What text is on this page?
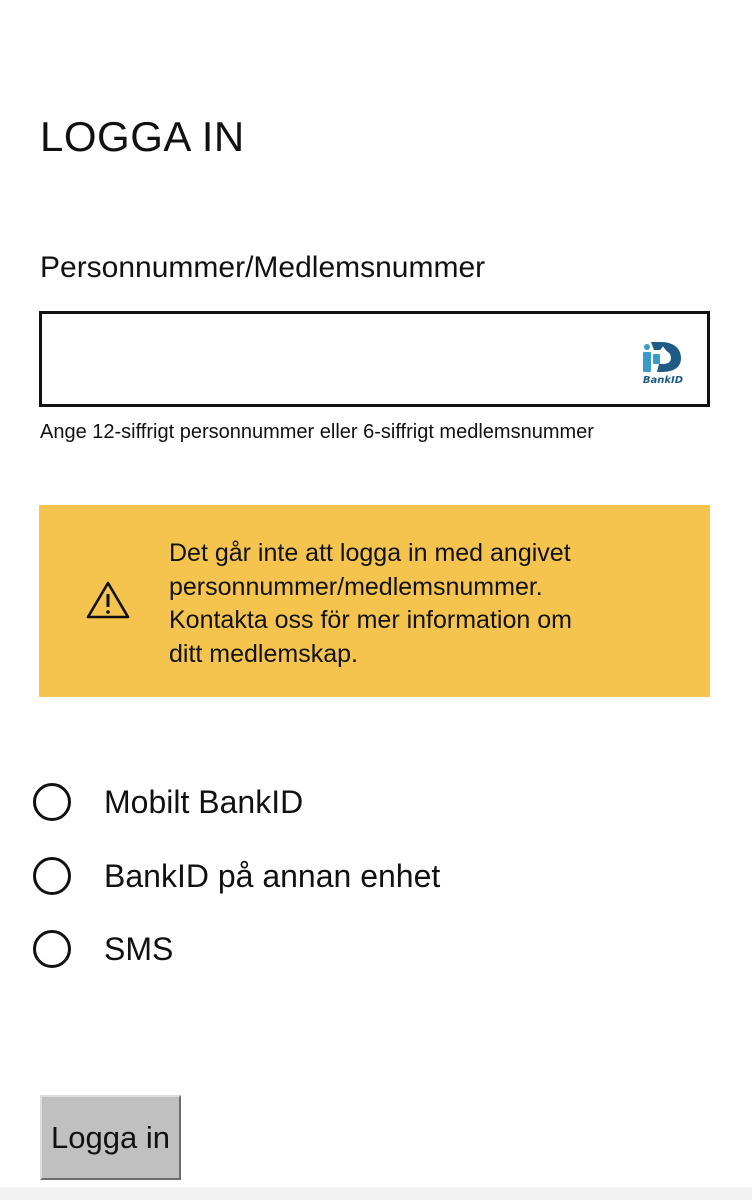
LOGGA IN
Personnummer/Medlemsnummer
BankID
Ange 12-siffrigt personnummer eller 6-siffrigt medlemsnummer
Det går inte att logga in med angivet
personnummer/medlemsnummer.
Kontakta oss för mer information om
ditt medlemskap.
Mobilt BankID
BankID på annan enhet
SMS
Logga in
